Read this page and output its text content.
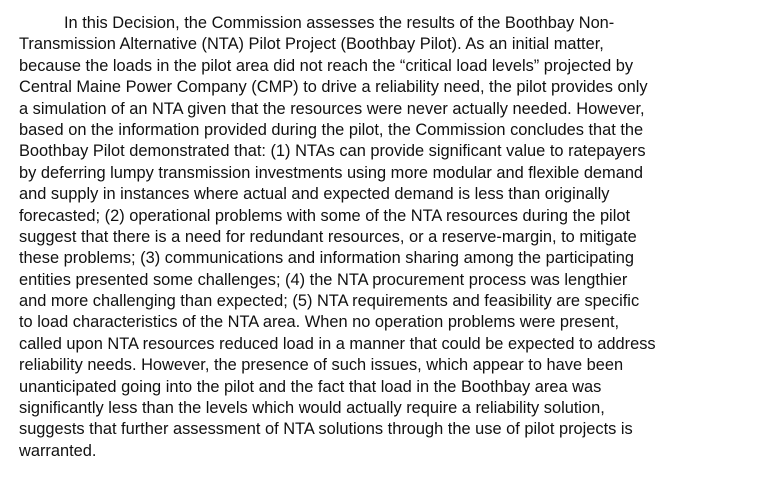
In this Decision, the Commission assesses the results of the Boothbay Non-
Transmission Alternative (NTA) Pilot Project (Boothbay Pilot). As an initial matter,
because the loads in the pilot area did not reach the “critical load levels” projected by
Central Maine Power Company (CMP) to drive a reliability need, the pilot provides only
a simulation of an NTA given that the resources were never actually needed. However,
based on the information provided during the pilot, the Commission concludes that the
Boothbay Pilot demonstrated that: (1) NTAs can provide significant value to ratepayers
by deferring lumpy transmission investments using more modular and flexible demand
and supply in instances where actual and expected demand is less than originally
forecasted; (2) operational problems with some of the NTA resources during the pilot
suggest that there is a need for redundant resources, or a reserve-margin, to mitigate
these problems; (3) communications and information sharing among the participating
entities presented some challenges; (4) the NTA procurement process was lengthier
and more challenging than expected; (5) NTA requirements and feasibility are specific
to load characteristics of the NTA area. When no operation problems were present,
called upon NTA resources reduced load in a manner that could be expected to address
reliability needs. However, the presence of such issues, which appear to have been
unanticipated going into the pilot and the fact that load in the Boothbay area was
significantly less than the levels which would actually require a reliability solution,
suggests that further assessment of NTA solutions through the use of pilot projects is
warranted.
